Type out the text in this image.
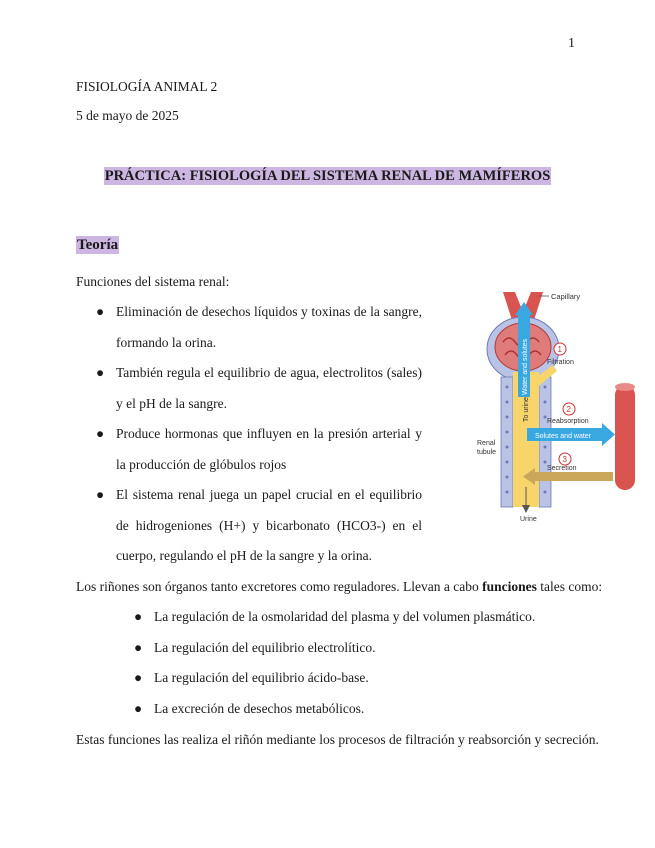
1
FISIOLOGÍA ANIMAL 2
5 de mayo de 2025
PRÁCTICA: FISIOLOGÍA DEL SISTEMA RENAL DE MAMÍFEROS
Teoría
Funciones del sistema renal:
● Eliminación de desechos líquidos y toxinas de la sangre, formando la orina.
● También regula el equilibrio de agua, electrolitos (sales) y el pH de la sangre.
● Produce hormonas que influyen en la presión arterial y la producción de glóbulos rojos
● El sistema renal juega un papel crucial en el equilibrio de hidrogeniones (H+) y bicarbonato (HCO3-) en el cuerpo, regulando el pH de la sangre y la orina.
Capillary
Water and solutes
To urine
1
2
3
Filtration
Reabsorption
Solutes and water
Secretion
Renal
tubule
Urine
Los riñones son órganos tanto excretores como reguladores. Llevan a cabo funciones tales como:
● La regulación de la osmolaridad del plasma y del volumen plasmático.
● La regulación del equilibrio electrolítico.
● La regulación del equilibrio ácido-base.
● La excreción de desechos metabólicos.
Estas funciones las realiza el riñón mediante los procesos de filtración y reabsorción y secreción.
